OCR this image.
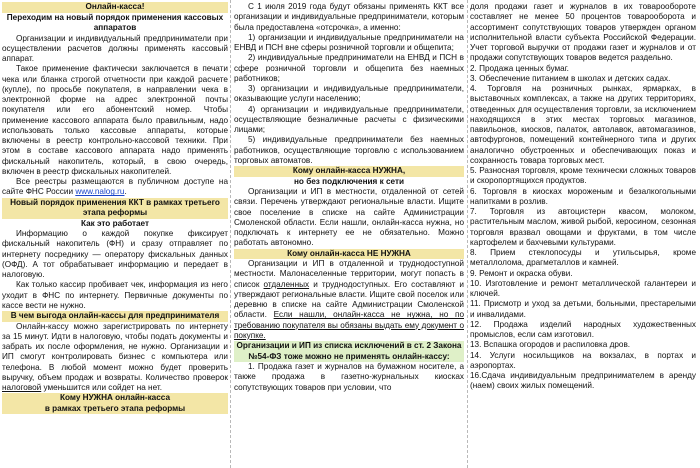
Онлайн-касса!
Переходим на новый порядок применения кассовых аппаратов

Организации и индивидуальный предприниматели при осуществлении расчетов должны применять кассовый аппарат.

Такое применение фактически заключается в печати чека или бланка строгой отчетности при каждой расчете (купле), по просьбе покупателя, в направлении чека в электронной форме на адрес электронной почты покупателя или его абонентский номер. Чтобы применение кассового аппарата было правильным, надо использовать только кассовые аппараты, которые включены в реестр контрольно-кассовой техники. При этом в составе кассового аппарата надо применять фискальный накопитель, который, в свою очередь, включен в реестр фискальных накопителей.

Все реестры размещаются в публичном доступе на сайте ФНС России www.nalog.ru.

Новый порядок применения ККТ в рамках третьего этапа реформы
Как это работает

Информацию о каждой покупке фиксирует фискальный накопитель (ФН) и сразу отправляет по интернету посреднику — оператору фискальных данных (ОФД). А тот обрабатывает информацию и передает в налоговую.

Как только кассир пробивает чек, информация из него уходит в ФНС по интернету. Первичные документы по кассе вести не нужно.

В чем выгода онлайн-кассы для предпринимателя

Онлайн-кассу можно зарегистрировать по интернету за 15 минут. Идти в налоговую, чтобы подать документы и забрать их после оформления, не нужно. Организации и ИП смогут контролировать бизнес с компьютера или телефона. В любой момент можно будет проверить выручку, объем продаж и возвраты. Количество проверок налоговой уменьшится или сойдет на нет.

Кому НУЖНА онлайн-касса
в рамках третьего этапа реформы

С 1 июля 2019 года будут обязаны применять ККТ все организации и индивидуальные предприниматели, которым была предоставлена «отсрочка», а именно:

1) организации и индивидуальные предприниматели на ЕНВД и ПСН вне сферы розничной торговли и общепита;

2) индивидуальные предприниматели на ЕНВД и ПСН в сфере розничной торговли и общепита без наемных работников;

3) организации и индивидуальные предприниматели, оказывающие услуги населению;

4) организации и индивидуальные предприниматели, осуществляющие безналичные расчеты с физическими лицами;

5) индивидуальные предприниматели без наемных работников, осуществляющие торговлю с использованием торговых автоматов.

Кому онлайн-касса НУЖНА,
но без подключения к сети

Организации и ИП в местности, отдаленной от сетей связи. Перечень утверждают региональные власти. Ищите свое поселение в списке на сайте Администрации Смоленской области. Если нашли, онлайн-касса нужна, но подключать к интернету ее не обязательно. Можно работать автономно.

Кому онлайн-касса НЕ НУЖНА

Организации и ИП в отдаленной и труднодоступной местности. Малонаселенные территории, могут попасть в список отдаленных и труднодоступных. Его составляют и утверждают региональные власти. Ищите свой поселок или деревню в списке на сайте Администрации Смоленской области. Если нашли, онлайн-касса не нужна, но по требованию покупателя вы обязаны выдать ему документ о покупке.

Организации и ИП из списка исключений в ст. 2 Закона №54-ФЗ тоже можно не применять онлайн-кассу:

1. Продажа газет и журналов на бумажном носителе, а также продажа в газетно-журнальных киосках сопутствующих товаров при условии, что

доля продажи газет и журналов в их товарообороте составляет не менее 50 процентов товарооборота и ассортимент сопутствующих товаров утвержден органом исполнительной власти субъекта Российской Федерации. Учет торговой выручки от продажи газет и журналов и от продажи сопутствующих товаров ведется раздельно.

2. Продажа ценных бумаг.
3. Обеспечение питанием в школах и детских садах.
4. Торговля на розничных рынках, ярмарках, в выставочных комплексах, а также на других территориях, отведенных для осуществления торговли, за исключением находящихся в этих местах торговых магазинов, павильонов, киосков, палаток, автолавок, автомагазинов, автофургонов, помещений контейнерного типа и других аналогично обустроенных и обеспечивающих показ и сохранность товара торговых мест.
5. Разносная торговля, кроме технически сложных товаров и скоропортящихся продуктов.
6. Торговля в киосках мороженым и безалкогольными напитками в розлив.
7. Торговля из автоцистерн квасом, молоком, растительным маслом, живой рыбой, керосином, сезонная торговля вразвал овощами и фруктами, в том числе картофелем и бахчевыми культурами.
8. Прием стеклопосуды и утильсырья, кроме металлолома, драгметаллов и камней.
9. Ремонт и окраска обуви.
10. Изготовление и ремонт металлической галантереи и ключей.
11. Присмотр и уход за детьми, больными, престарелыми и инвалидами.
12. Продажа изделий народных художественных промыслов, если сам изготовил.
13. Вспашка огородов и распиловка дров.
14. Услуги носильщиков на вокзалах, в портах и аэропортах.
16.Сдача индивидуальным предпринимателем в аренду (наем) своих жилых помещений.
